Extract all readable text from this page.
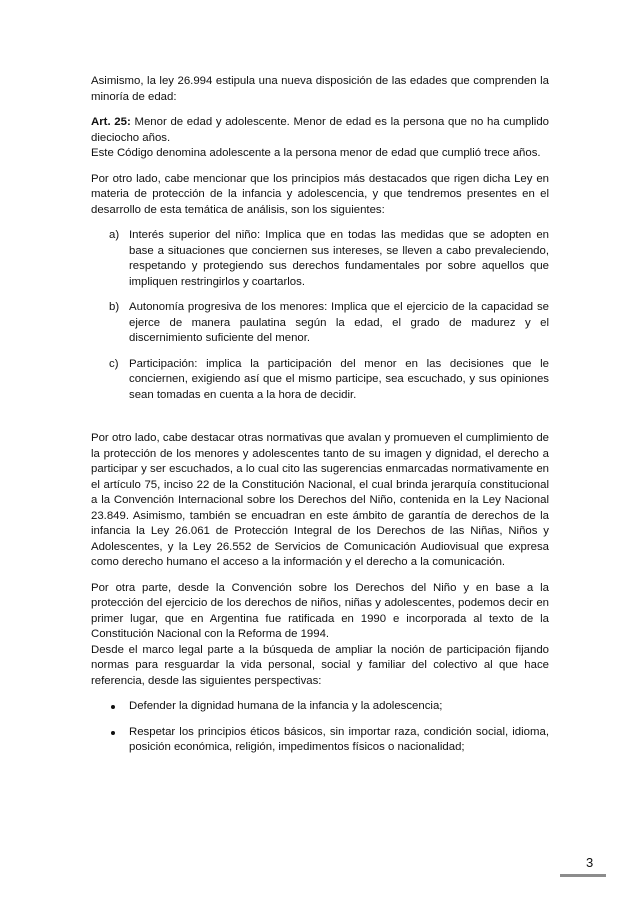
Asimismo, la ley 26.994 estipula una nueva disposición de las edades que comprenden la minoría de edad:

Art. 25: Menor de edad y adolescente. Menor de edad es la persona que no ha cumplido dieciocho años.

Este Código denomina adolescente a la persona menor de edad que cumplió trece años.

Por otro lado, cabe mencionar que los principios más destacados que rigen dicha Ley en materia de protección de la infancia y adolescencia, y que tendremos presentes en el desarrollo de esta temática de análisis, son los siguientes:

a) Interés superior del niño: Implica que en todas las medidas que se adopten en base a situaciones que conciernen sus intereses, se lleven a cabo prevaleciendo, respetando y protegiendo sus derechos fundamentales por sobre aquellos que impliquen restringirlos y coartarlos.
b) Autonomía progresiva de los menores: Implica que el ejercicio de la capacidad se ejerce de manera paulatina según la edad, el grado de madurez y el discernimiento suficiente del menor.
c) Participación: implica la participación del menor en las decisiones que le conciernen, exigiendo así que el mismo participe, sea escuchado, y sus opiniones sean tomadas en cuenta a la hora de decidir.

Por otro lado, cabe destacar otras normativas que avalan y promueven el cumplimiento de la protección de los menores y adolescentes tanto de su imagen y dignidad, el derecho a participar y ser escuchados, a lo cual cito las sugerencias enmarcadas normativamente en el artículo 75, inciso 22 de la Constitución Nacional, el cual brinda jerarquía constitucional a la Convención Internacional sobre los Derechos del Niño, contenida en la Ley Nacional 23.849. Asimismo, también se encuadran en este ámbito de garantía de derechos de la infancia la Ley 26.061 de Protección Integral de los Derechos de las Niñas, Niños y Adolescentes, y la Ley 26.552 de Servicios de Comunicación Audiovisual que expresa como derecho humano el acceso a la información y el derecho a la comunicación.

Por otra parte, desde la Convención sobre los Derechos del Niño y en base a la protección del ejercicio de los derechos de niños, niñas y adolescentes, podemos decir en primer lugar, que en Argentina fue ratificada en 1990 e incorporada al texto de la Constitución Nacional con la Reforma de 1994.

Desde el marco legal parte a la búsqueda de ampliar la noción de participación fijando normas para resguardar la vida personal, social y familiar del colectivo al que hace referencia, desde las siguientes perspectivas:

Defender la dignidad humana de la infancia y la adolescencia;
Respetar los principios éticos básicos, sin importar raza, condición social, idioma, posición económica, religión, impedimentos físicos o nacionalidad;
3
